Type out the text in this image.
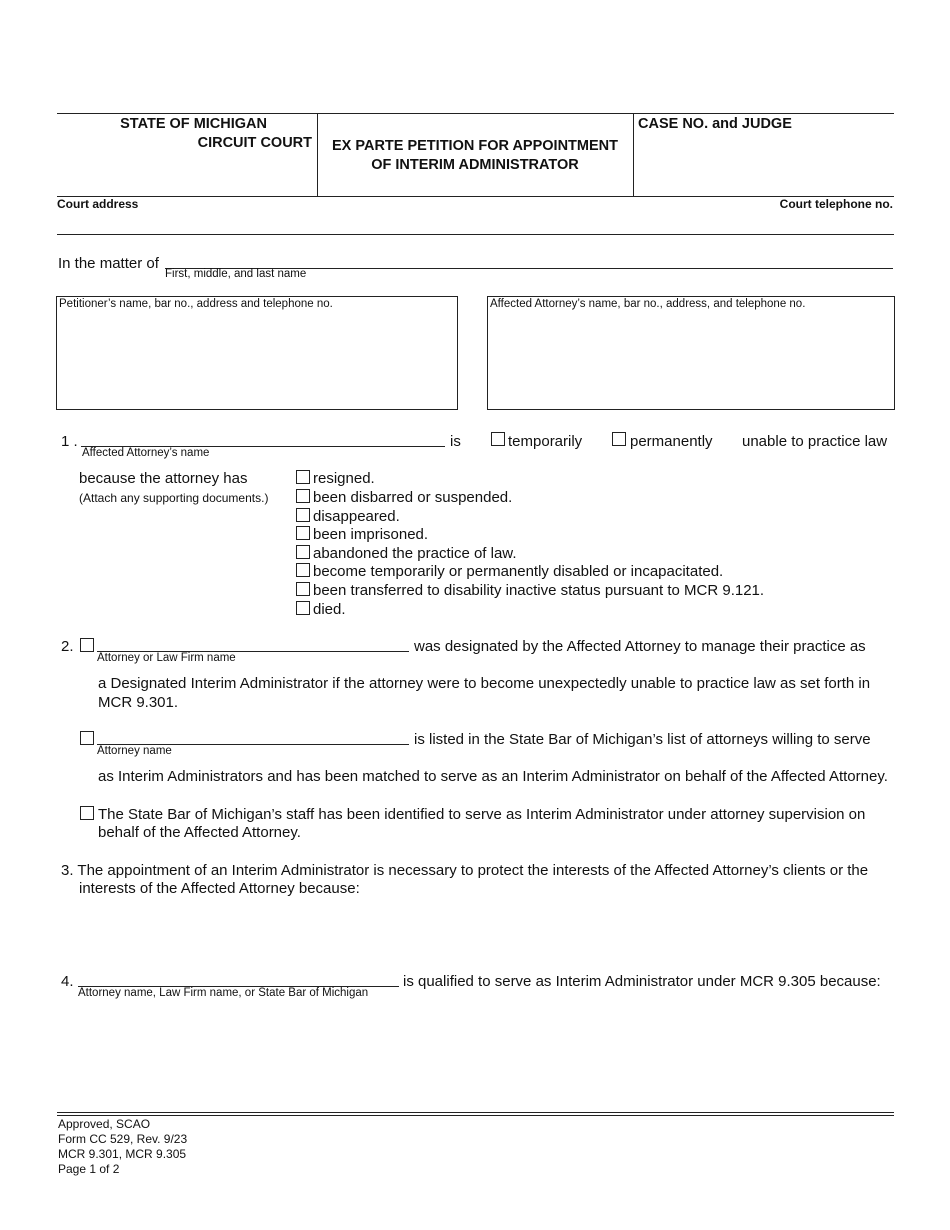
STATE OF MICHIGAN
CIRCUIT COURT	EX PARTE PETITION FOR APPOINTMENT
OF INTERIM ADMINISTRATOR
CASE NO. and JUDGE
Court address	Court telephone no.
In the matter of
First, middle, and last name
Petitioner’s name, bar no., address and telephone no.	Affected Attorney’s name, bar no., address, and telephone no.
1 .
Affected Attorney’s name
is	temporarily	permanently unable to practice law
because the attorney has
(Attach any supporting documents.)
resigned.
been disbarred or suspended.
disappeared.
been imprisoned.
abandoned the practice of law.
become temporarily or permanently disabled or incapacitated.
been transferred to disability inactive status pursuant to MCR 9.121.
died.
2.
Attorney or Law Firm name
was designated by the Affected Attorney to manage their practice as
a Designated Interim Administrator if the attorney were to become unexpectedly unable to practice law as set forth in MCR 9.301.
Attorney name
is listed in the State Bar of Michigan’s list of attorneys willing to serve
as Interim Administrators and has been matched to serve as an Interim Administrator on behalf of the Affected Attorney.
The State Bar of Michigan’s staff has been identified to serve as Interim Administrator under attorney supervision on behalf of the Affected Attorney.
3. The appointment of an Interim Administrator is necessary to protect the interests of the Affected Attorney’s clients or the interests of the Affected Attorney because:
4.
Attorney name, Law Firm name, or State Bar of Michigan
is qualified to serve as Interim Administrator under MCR 9.305 because:
Approved, SCAO
Form CC 529, Rev. 9/23
MCR 9.301, MCR 9.305
Page 1 of 2
